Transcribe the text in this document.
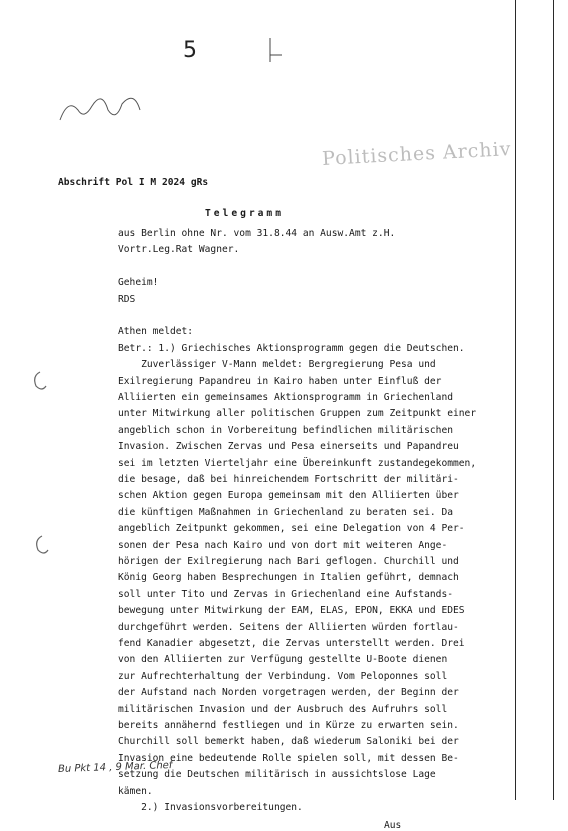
5
Politisches Archiv
Abschrift Pol I M 2024 gRs
Telegramm
aus Berlin ohne Nr. vom 31.8.44 an Ausw.Amt z.H.
Vortr.Leg.Rat Wagner.
Geheim!
RDS
Athen meldet:
Betr.: 1.) Griechisches Aktionsprogramm gegen die Deutschen.
Zuverlässiger V-Mann meldet: Bergregierung Pesa und
Exilregierung Papandreu in Kairo haben unter Einfluß der
Alliierten ein gemeinsames Aktionsprogramm in Griechenland
unter Mitwirkung aller politischen Gruppen zum Zeitpunkt einer
angeblich schon in Vorbereitung befindlichen militärischen
Invasion. Zwischen Zervas und Pesa einerseits und Papandreu
sei im letzten Vierteljahr eine Übereinkunft zustandegekommen,
die besage, daß bei hinreichendem Fortschritt der militäri-
schen Aktion gegen Europa gemeinsam mit den Alliierten über
die künftigen Maßnahmen in Griechenland zu beraten sei. Da
angeblich Zeitpunkt gekommen, sei eine Delegation von 4 Per-
sonen der Pesa nach Kairo und von dort mit weiteren Ange-
hörigen der Exilregierung nach Bari geflogen. Churchill und
König Georg haben Besprechungen in Italien geführt, demnach
soll unter Tito und Zervas in Griechenland eine Aufstands-
bewegung unter Mitwirkung der EAM, ELAS, EPON, EKKA und EDES
durchgeführt werden. Seitens der Alliierten würden fortlau-
fend Kanadier abgesetzt, die Zervas unterstellt werden. Drei
von den Alliierten zur Verfügung gestellte U-Boote dienen
zur Aufrechterhaltung der Verbindung. Vom Peloponnes soll
der Aufstand nach Norden vorgetragen werden, der Beginn der
militärischen Invasion und der Ausbruch des Aufruhrs soll
bereits annähernd festliegen und in Kürze zu erwarten sein.
Churchill soll bemerkt haben, daß wiederum Saloniki bei der
Invasion eine bedeutende Rolle spielen soll, mit dessen Be-
setzung die Deutschen militärisch in aussichtslose Lage
kämen.
2.) Invasionsvorbereitungen.
Aus
Bu Pkt 14 , 9 Mar. Chef
